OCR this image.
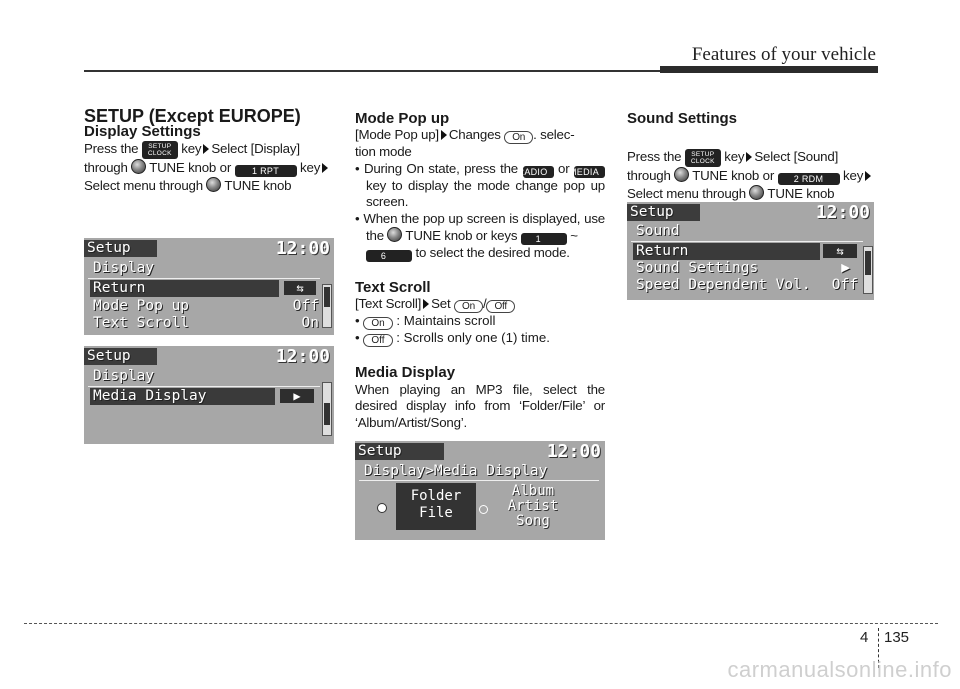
Features of your vehicle

SETUP (Except EUROPE)

Display Settings

Press the SETUP
CLOCK key Select [Display]
through TUNE knob or 1 RPT key
Select menu through TUNE knob

Setup	12:00
Display
Return	⇆
Mode Pop up	Off
Text Scroll	On
Setup	12:00
Display
Media Display	▶

Mode Pop up

[Mode Pop up] Changes On . selec-
tion mode

• During On state, press the RADIO or MEDIA key to display the mode change pop up screen.
• When the pop up screen is displayed, use the TUNE knob or keys 1 ~
6 to select the desired mode.

Text Scroll

[Text Scroll] Set On / Off

• On : Maintains scroll

• Off : Scrolls only one (1) time.

Media Display

When playing an MP3 file, select the desired display info from ‘Folder/File’ or ‘Album/Artist/Song’.

Setup	12:00
Display>Media Display
Folder
File
Album
Artist
Song

Sound Settings

Press the SETUP
CLOCK key Select [Sound]
through TUNE knob or 2 RDM key
Select menu through TUNE knob

Setup	12:00
Sound
Return	⇆
Sound Settings	▶
Speed Dependent Vol. Off
4 135
carmanualsonline.info
